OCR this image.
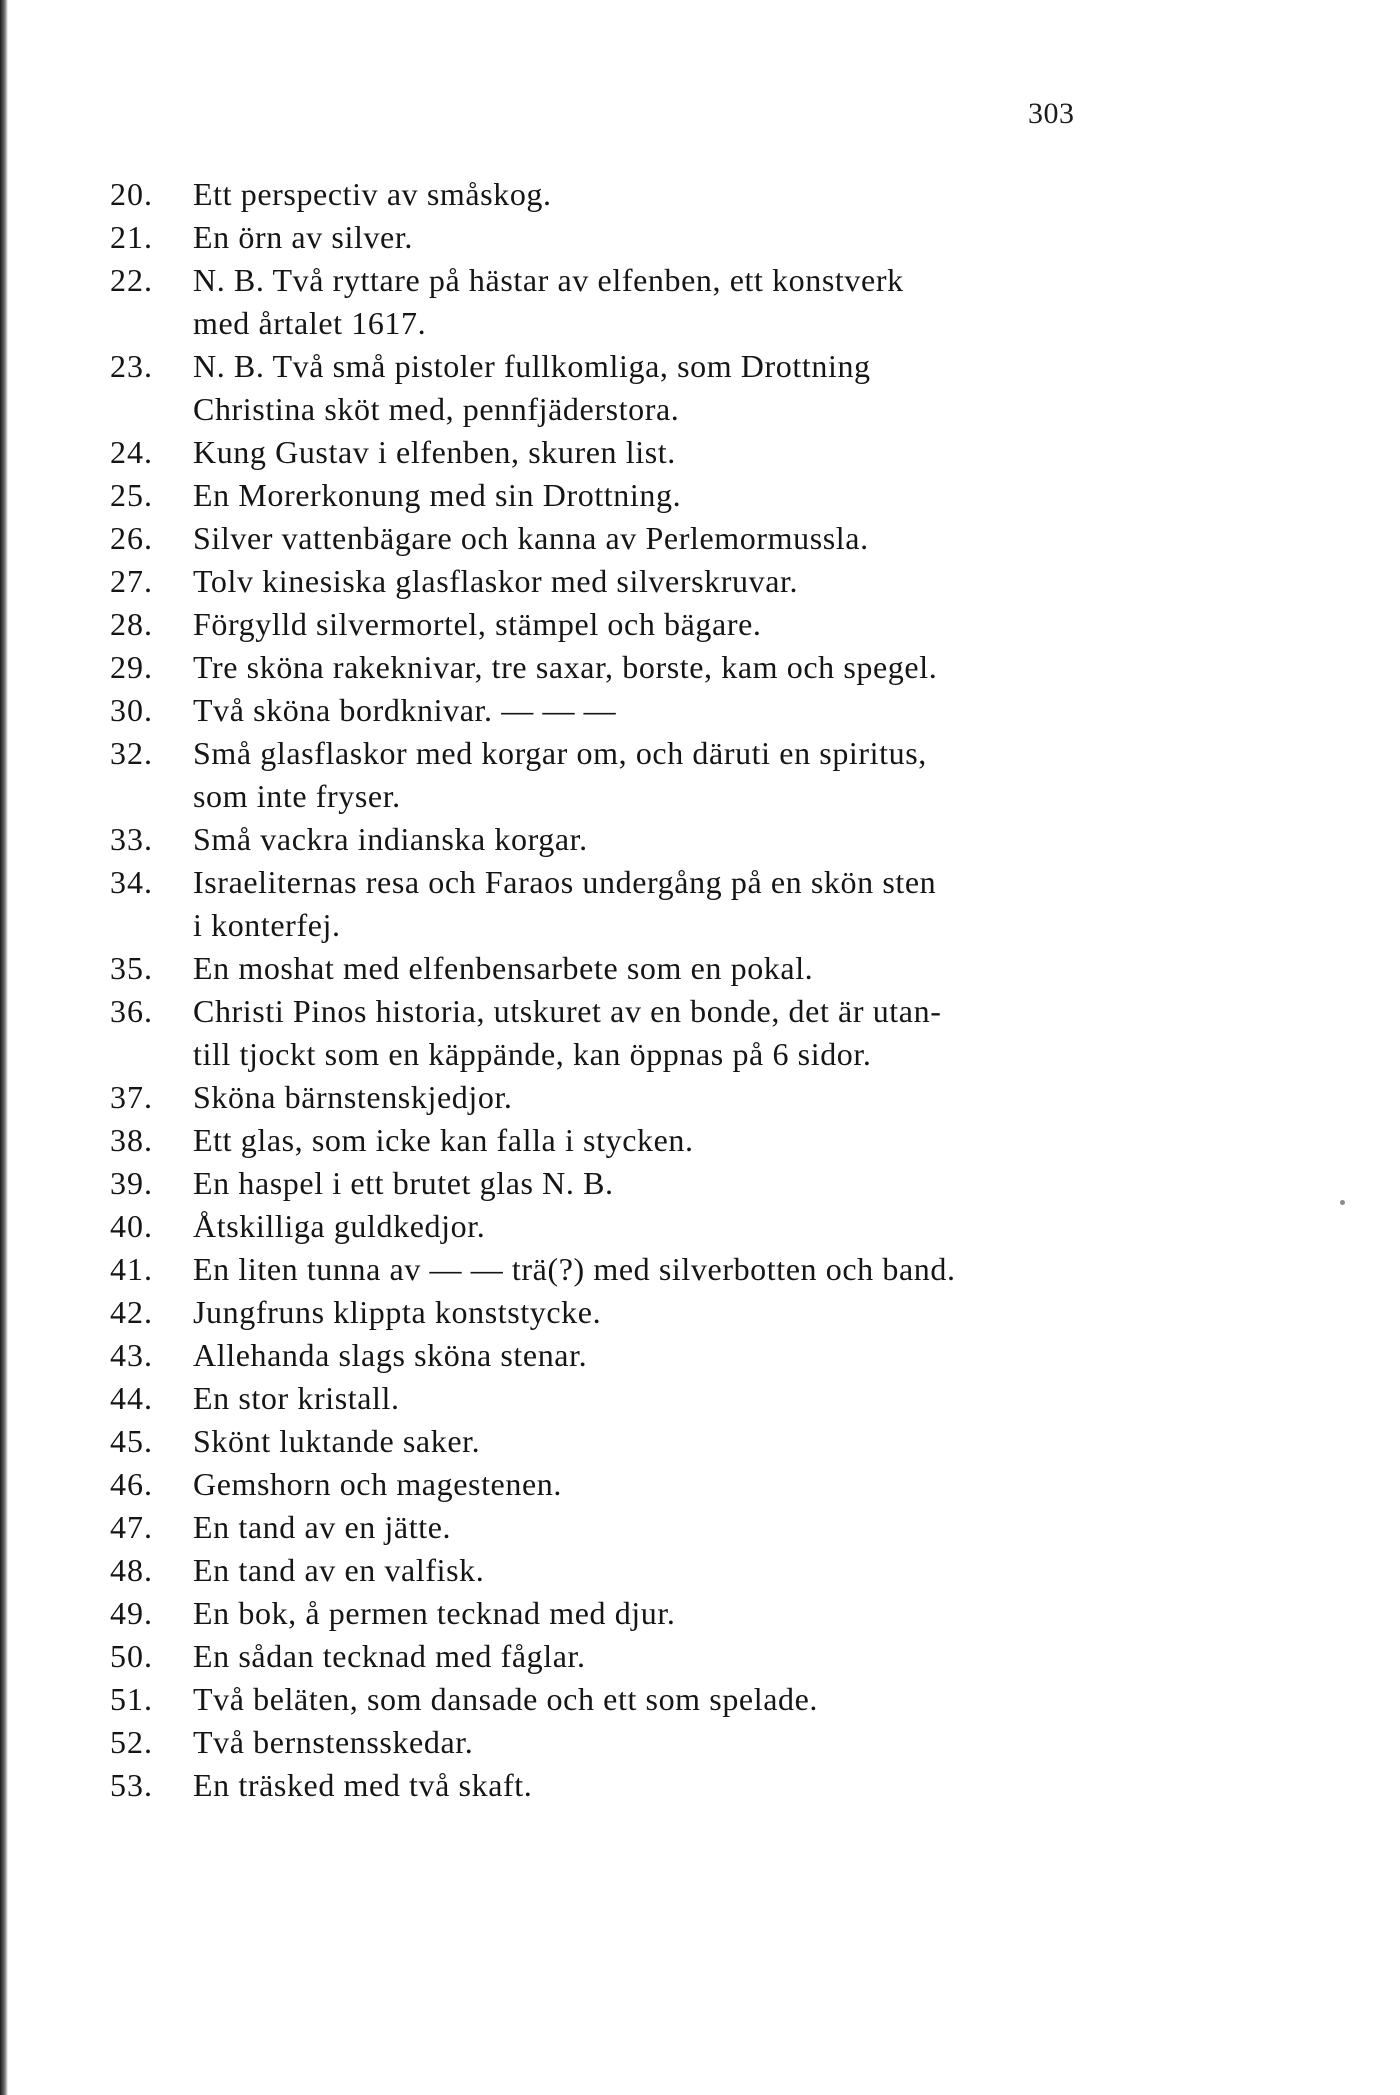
303
20.	Ett perspectiv av småskog.
21.	En örn av silver.
22.	N. B. Två ryttare på hästar av elfenben, ett konstverk
med årtalet 1617.
23.	N. B. Två små pistoler fullkomliga, som Drottning
Christina sköt med, pennfjäderstora.
24.	Kung Gustav i elfenben, skuren list.
25.	En Morerkonung med sin Drottning.
26.	Silver vattenbägare och kanna av Perlemormussla.
27.	Tolv kinesiska glasflaskor med silverskruvar.
28.	Förgylld silvermortel, stämpel och bägare.
29.	Tre sköna rakeknivar, tre saxar, borste, kam och spegel.
30.	Två sköna bordknivar. — — —
32.	Små glasflaskor med korgar om, och däruti en spiritus,
som inte fryser.
33.	Små vackra indianska korgar.
34.	Israeliternas resa och Faraos undergång på en skön sten
i konterfej.
35.	En moshat med elfenbensarbete som en pokal.
36.	Christi Pinos historia, utskuret av en bonde, det är utan-
till tjockt som en käppände, kan öppnas på 6 sidor.
37.	Sköna bärnstenskjedjor.
38.	Ett glas, som icke kan falla i stycken.
39.	En haspel i ett brutet glas N. B.
40.	Åtskilliga guldkedjor.
41.	En liten tunna av — — trä(?) med silverbotten och band.
42.	Jungfruns klippta konststycke.
43.	Allehanda slags sköna stenar.
44.	En stor kristall.
45.	Skönt luktande saker.
46.	Gemshorn och magestenen.
47.	En tand av en jätte.
48.	En tand av en valfisk.
49.	En bok, å permen tecknad med djur.
50.	En sådan tecknad med fåglar.
51.	Två beläten, som dansade och ett som spelade.
52.	Två bernstensskedar.
53.	En träsked med två skaft.
